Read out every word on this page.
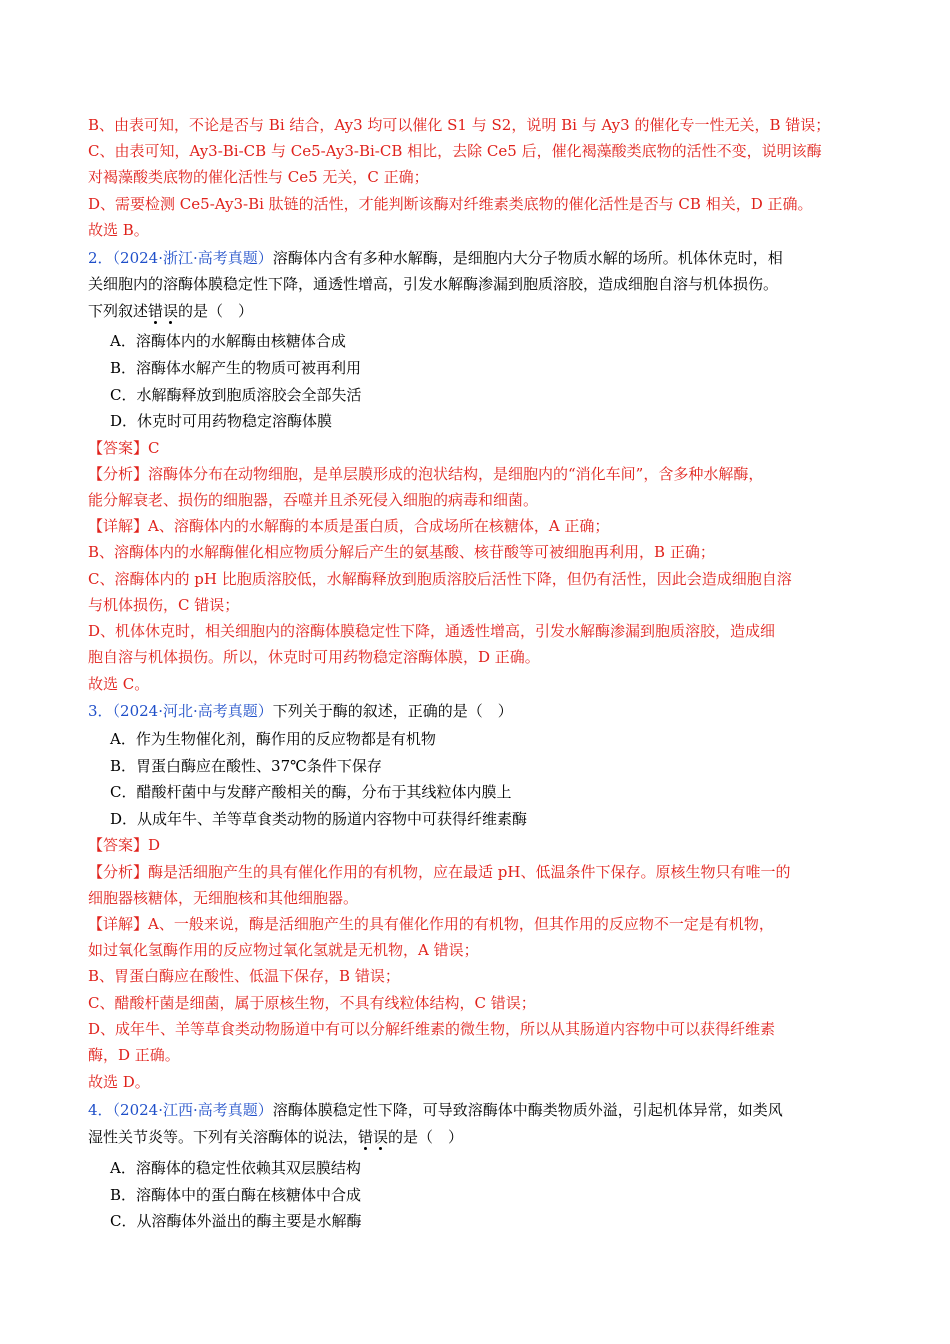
B、由表可知，不论是否与 Bi 结合，Ay3 均可以催化 S1 与 S2，说明 Bi 与 Ay3 的催化专一性无关，B 错误；
C、由表可知，Ay3-Bi-CB 与 Ce5-Ay3-Bi-CB 相比，去除 Ce5 后，催化褐藻酸类底物的活性不变，说明该酶
对褐藻酸类底物的催化活性与 Ce5 无关，C 正确；
D、需要检测 Ce5-Ay3-Bi 肽链的活性，才能判断该酶对纤维素类底物的催化活性是否与 CB 相关，D 正确。
故选 B。
2．（2024·浙江·高考真题）溶酶体内含有多种水解酶，是细胞内大分子物质水解的场所。机体休克时，相
关细胞内的溶酶体膜稳定性下降，通透性增高，引发水解酶渗漏到胞质溶胶，造成细胞自溶与机体损伤。
下列叙述错误的是（　）
A．溶酶体内的水解酶由核糖体合成
B．溶酶体水解产生的物质可被再利用
C．水解酶释放到胞质溶胶会全部失活
D．休克时可用药物稳定溶酶体膜
【答案】C
【分析】溶酶体分布在动物细胞，是单层膜形成的泡状结构，是细胞内的“消化车间”，含多种水解酶，
能分解衰老、损伤的细胞器，吞噬并且杀死侵入细胞的病毒和细菌。
【详解】A、溶酶体内的水解酶的本质是蛋白质，合成场所在核糖体，A 正确；
B、溶酶体内的水解酶催化相应物质分解后产生的氨基酸、核苷酸等可被细胞再利用，B 正确；
C、溶酶体内的 pH 比胞质溶胶低，水解酶释放到胞质溶胶后活性下降，但仍有活性，因此会造成细胞自溶
与机体损伤，C 错误；
D、机体休克时，相关细胞内的溶酶体膜稳定性下降，通透性增高，引发水解酶渗漏到胞质溶胶，造成细
胞自溶与机体损伤。所以，休克时可用药物稳定溶酶体膜，D 正确。
故选 C。
3．（2024·河北·高考真题）下列关于酶的叙述，正确的是（　）
A．作为生物催化剂，酶作用的反应物都是有机物
B．胃蛋白酶应在酸性、37℃条件下保存
C．醋酸杆菌中与发酵产酸相关的酶，分布于其线粒体内膜上
D．从成年牛、羊等草食类动物的肠道内容物中可获得纤维素酶
【答案】D
【分析】酶是活细胞产生的具有催化作用的有机物，应在最适 pH、低温条件下保存。原核生物只有唯一的
细胞器核糖体，无细胞核和其他细胞器。
【详解】A、一般来说，酶是活细胞产生的具有催化作用的有机物，但其作用的反应物不一定是有机物，
如过氧化氢酶作用的反应物过氧化氢就是无机物，A 错误；
B、胃蛋白酶应在酸性、低温下保存，B 错误；
C、醋酸杆菌是细菌，属于原核生物，不具有线粒体结构，C 错误；
D、成年牛、羊等草食类动物肠道中有可以分解纤维素的微生物，所以从其肠道内容物中可以获得纤维素
酶，D 正确。
故选 D。
4．（2024·江西·高考真题）溶酶体膜稳定性下降，可导致溶酶体中酶类物质外溢，引起机体异常，如类风
湿性关节炎等。下列有关溶酶体的说法，错误的是（　）
A．溶酶体的稳定性依赖其双层膜结构
B．溶酶体中的蛋白酶在核糖体中合成
C．从溶酶体外溢出的酶主要是水解酶
